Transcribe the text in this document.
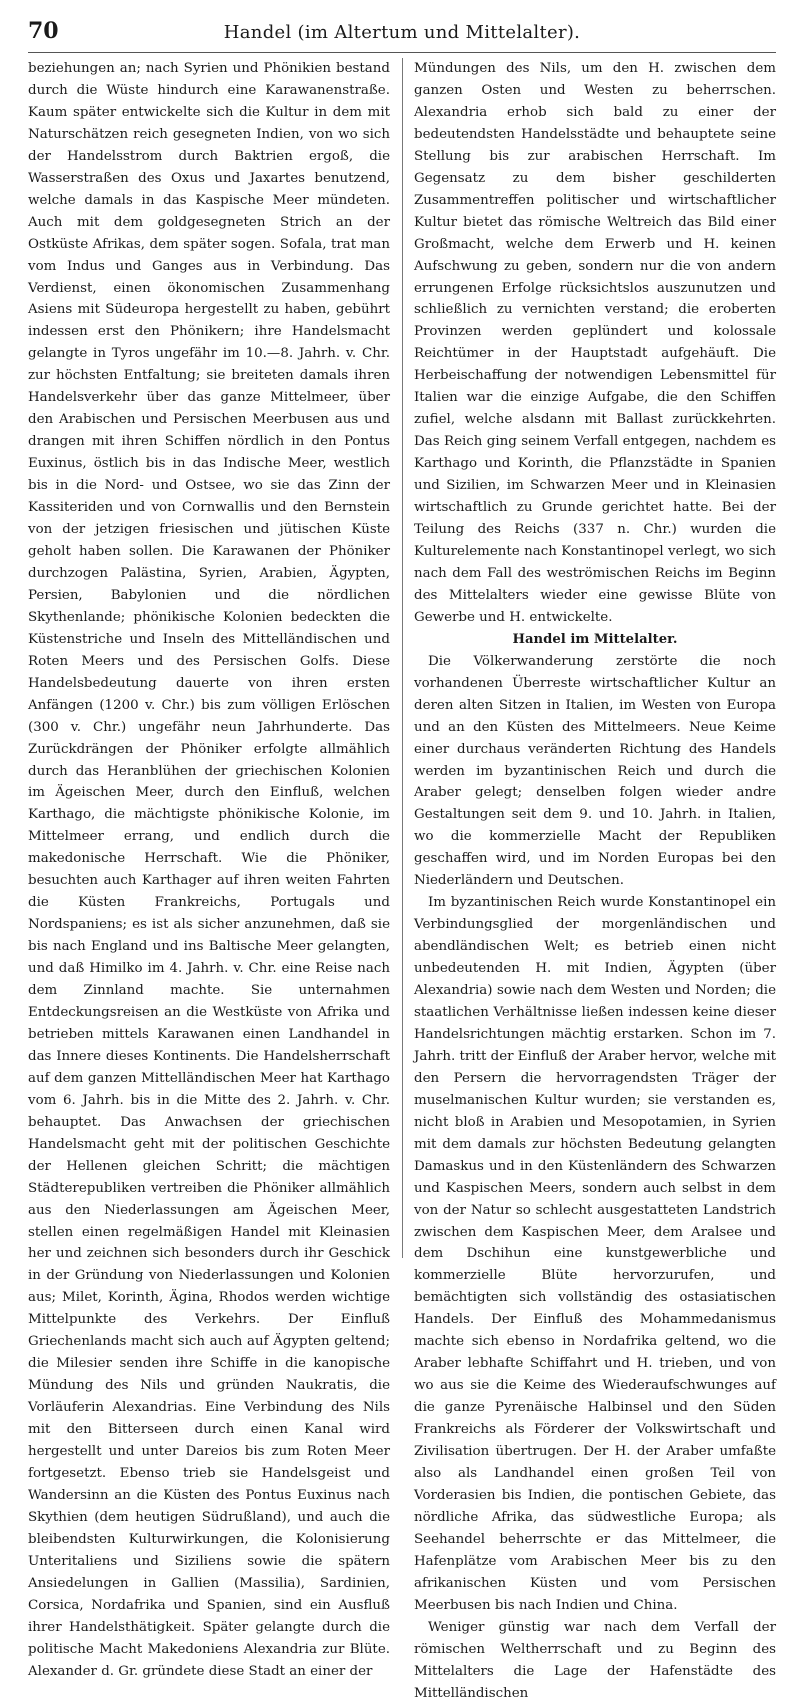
70	Handel (im Altertum und Mittelalter).

beziehungen an; nach Syrien und Phönikien bestand durch die Wüste hindurch eine Karawanenstraße. Kaum später entwickelte sich die Kultur in dem mit Naturschätzen reich gesegneten Indien, von wo sich der Handelsstrom durch Baktrien ergoß, die Wasserstraßen des Oxus und Jaxartes benutzend, welche damals in das Kaspische Meer mündeten. Auch mit dem goldgesegneten Strich an der Ostküste Afrikas, dem später sogen. Sofala, trat man vom Indus und Ganges aus in Verbindung. Das Verdienst, einen ökonomischen Zusammenhang Asiens mit Südeuropa hergestellt zu haben, gebührt indessen erst den Phönikern; ihre Handelsmacht gelangte in Tyros ungefähr im 10.—8. Jahrh. v. Chr. zur höchsten Entfaltung; sie breiteten damals ihren Handelsverkehr über das ganze Mittelmeer, über den Arabischen und Persischen Meerbusen aus und drangen mit ihren Schiffen nördlich in den Pontus Euxinus, östlich bis in das Indische Meer, westlich bis in die Nord- und Ostsee, wo sie das Zinn der Kassiteriden und von Cornwallis und den Bernstein von der jetzigen friesischen und jütischen Küste geholt haben sollen. Die Karawanen der Phöniker durchzogen Palästina, Syrien, Arabien, Ägypten, Persien, Babylonien und die nördlichen Skythenlande; phönikische Kolonien bedeckten die Küstenstriche und Inseln des Mittelländischen und Roten Meers und des Persischen Golfs. Diese Handelsbedeutung dauerte von ihren ersten Anfängen (1200 v. Chr.) bis zum völligen Erlöschen (300 v. Chr.) ungefähr neun Jahrhunderte. Das Zurückdrängen der Phöniker erfolgte allmählich durch das Heranblühen der griechischen Kolonien im Ägeischen Meer, durch den Einfluß, welchen Karthago, die mächtigste phönikische Kolonie, im Mittelmeer errang, und endlich durch die makedonische Herrschaft. Wie die Phöniker, besuchten auch Karthager auf ihren weiten Fahrten die Küsten Frankreichs, Portugals und Nordspaniens; es ist als sicher anzunehmen, daß sie bis nach England und ins Baltische Meer gelangten, und daß Himilko im 4. Jahrh. v. Chr. eine Reise nach dem Zinnland machte. Sie unternahmen Entdeckungsreisen an die Westküste von Afrika und betrieben mittels Karawanen einen Landhandel in das Innere dieses Kontinents. Die Handelsherrschaft auf dem ganzen Mittelländischen Meer hat Karthago vom 6. Jahrh. bis in die Mitte des 2. Jahrh. v. Chr. behauptet. Das Anwachsen der griechischen Handelsmacht geht mit der politischen Geschichte der Hellenen gleichen Schritt; die mächtigen Städterepubliken vertreiben die Phöniker allmählich aus den Niederlassungen am Ägeischen Meer, stellen einen regelmäßigen Handel mit Kleinasien her und zeichnen sich besonders durch ihr Geschick in der Gründung von Niederlassungen und Kolonien aus; Milet, Korinth, Ägina, Rhodos werden wichtige Mittelpunkte des Verkehrs. Der Einfluß Griechenlands macht sich auch auf Ägypten geltend; die Milesier senden ihre Schiffe in die kanopische Mündung des Nils und gründen Naukratis, die Vorläuferin Alexandrias. Eine Verbindung des Nils mit den Bitterseen durch einen Kanal wird hergestellt und unter Dareios bis zum Roten Meer fortgesetzt. Ebenso trieb sie Handelsgeist und Wandersinn an die Küsten des Pontus Euxinus nach Skythien (dem heutigen Südrußland), und auch die bleibendsten Kulturwirkungen, die Kolonisierung Unteritaliens und Siziliens sowie die spätern Ansiedelungen in Gallien (Massilia), Sardinien, Corsica, Nordafrika und Spanien, sind ein Ausfluß ihrer Handelsthätigkeit. Später gelangte durch die politische Macht Makedoniens Alexandria zur Blüte. Alexander d. Gr. gründete diese Stadt an einer der

Mündungen des Nils, um den H. zwischen dem ganzen Osten und Westen zu beherrschen. Alexandria erhob sich bald zu einer der bedeutendsten Handelsstädte und behauptete seine Stellung bis zur arabischen Herrschaft. Im Gegensatz zu dem bisher geschilderten Zusammentreffen politischer und wirtschaftlicher Kultur bietet das römische Weltreich das Bild einer Großmacht, welche dem Erwerb und H. keinen Aufschwung zu geben, sondern nur die von andern errungenen Erfolge rücksichtslos auszunutzen und schließlich zu vernichten verstand; die eroberten Provinzen werden geplündert und kolossale Reichtümer in der Hauptstadt aufgehäuft. Die Herbeischaffung der notwendigen Lebensmittel für Italien war die einzige Aufgabe, die den Schiffen zufiel, welche alsdann mit Ballast zurückkehrten. Das Reich ging seinem Verfall entgegen, nachdem es Karthago und Korinth, die Pflanzstädte in Spanien und Sizilien, im Schwarzen Meer und in Kleinasien wirtschaftlich zu Grunde gerichtet hatte. Bei der Teilung des Reichs (337 n. Chr.) wurden die Kulturelemente nach Konstantinopel verlegt, wo sich nach dem Fall des weströmischen Reichs im Beginn des Mittelalters wieder eine gewisse Blüte von Gewerbe und H. entwickelte.

Handel im Mittelalter.

Die Völkerwanderung zerstörte die noch vorhandenen Überreste wirtschaftlicher Kultur an deren alten Sitzen in Italien, im Westen von Europa und an den Küsten des Mittelmeers. Neue Keime einer durchaus veränderten Richtung des Handels werden im byzantinischen Reich und durch die Araber gelegt; denselben folgen wieder andre Gestaltungen seit dem 9. und 10. Jahrh. in Italien, wo die kommerzielle Macht der Republiken geschaffen wird, und im Norden Europas bei den Niederländern und Deutschen.

Im byzantinischen Reich wurde Konstantinopel ein Verbindungsglied der morgenländischen und abendländischen Welt; es betrieb einen nicht unbedeutenden H. mit Indien, Ägypten (über Alexandria) sowie nach dem Westen und Norden; die staatlichen Verhältnisse ließen indessen keine dieser Handelsrichtungen mächtig erstarken. Schon im 7. Jahrh. tritt der Einfluß der Araber hervor, welche mit den Persern die hervorragendsten Träger der muselmanischen Kultur wurden; sie verstanden es, nicht bloß in Arabien und Mesopotamien, in Syrien mit dem damals zur höchsten Bedeutung gelangten Damaskus und in den Küstenländern des Schwarzen und Kaspischen Meers, sondern auch selbst in dem von der Natur so schlecht ausgestatteten Landstrich zwischen dem Kaspischen Meer, dem Aralsee und dem Dschihun eine kunstgewerbliche und kommerzielle Blüte hervorzurufen, und bemächtigten sich vollständig des ostasiatischen Handels. Der Einfluß des Mohammedanismus machte sich ebenso in Nordafrika geltend, wo die Araber lebhafte Schiffahrt und H. trieben, und von wo aus sie die Keime des Wiederaufschwunges auf die ganze Pyrenäische Halbinsel und den Süden Frankreichs als Förderer der Volkswirtschaft und Zivilisation übertrugen. Der H. der Araber umfaßte also als Landhandel einen großen Teil von Vorderasien bis Indien, die pontischen Gebiete, das nördliche Afrika, das südwestliche Europa; als Seehandel beherrschte er das Mittelmeer, die Hafenplätze vom Arabischen Meer bis zu den afrikanischen Küsten und vom Persischen Meerbusen bis nach Indien und China.

Weniger günstig war nach dem Verfall der römischen Weltherrschaft und zu Beginn des Mittelalters die Lage der Hafenstädte des Mittelländischen
